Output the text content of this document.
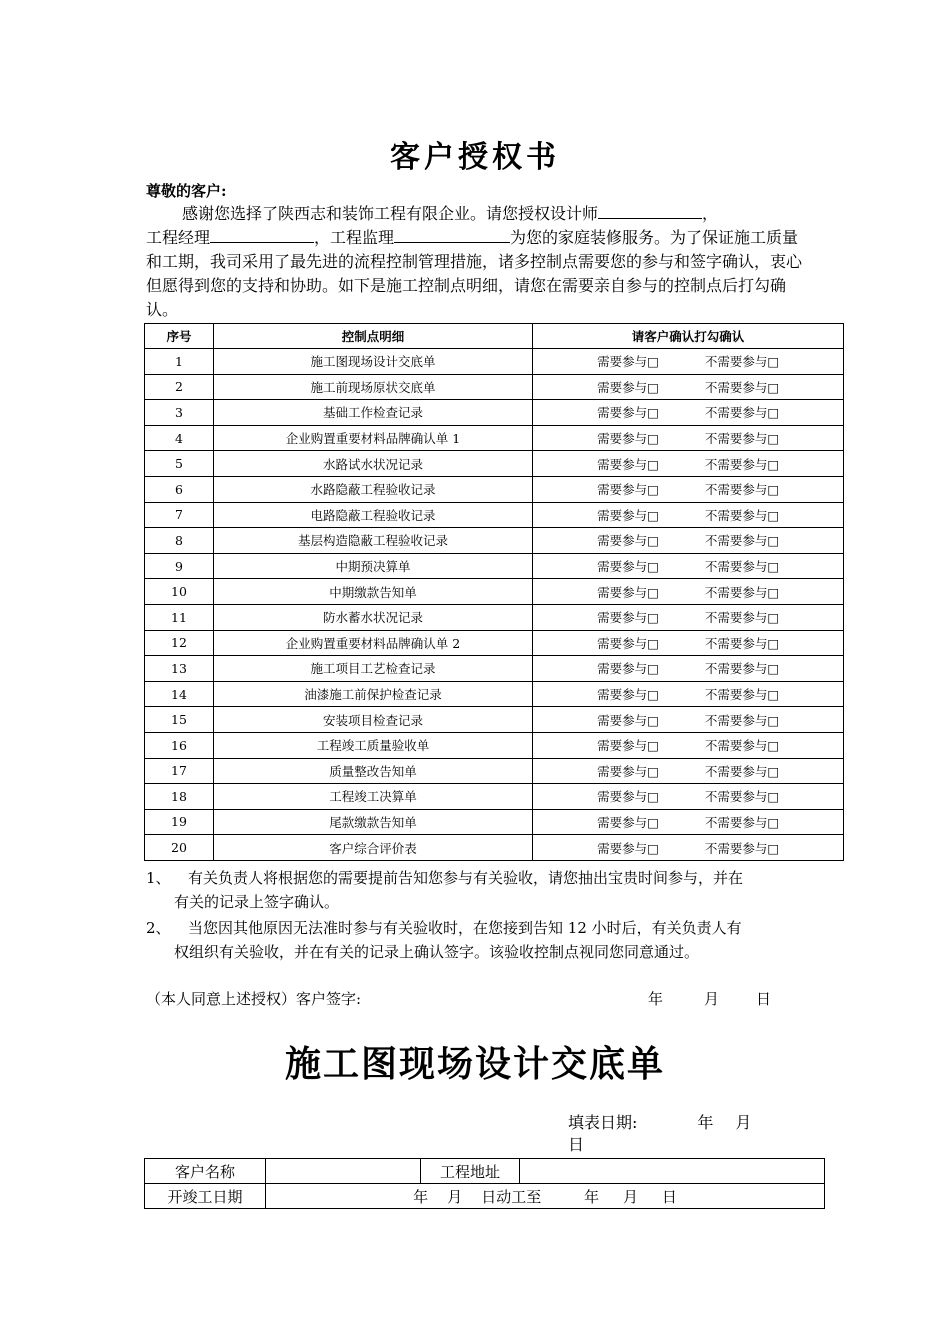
客户授权书
尊敬的客户:
感谢您选择了陕西志和装饰工程有限企业。请您授权设计师	，
工程经理	，工程监理	为您的家庭装修服务。为了保证施工质量和工期，我司采用了最先进的流程控制管理措施，诸多控制点需要您的参与和签字确认，衷心但愿得到您的支持和协助。如下是施工控制点明细，请您在需要亲自参与的控制点后打勾确认。
序号	控制点明细	请客户确认打勾确认
1	施工图现场设计交底单	需要参与□ 不需要参与□
2	施工前现场原状交底单	需要参与□ 不需要参与□
3	基础工作检查记录	需要参与□ 不需要参与□
4	企业购置重要材料品牌确认单 1	需要参与□ 不需要参与□
5	水路试水状况记录	需要参与□ 不需要参与□
6	水路隐蔽工程验收记录	需要参与□ 不需要参与□
7	电路隐蔽工程验收记录	需要参与□ 不需要参与□
8	基层构造隐蔽工程验收记录	需要参与□ 不需要参与□
9	中期预决算单	需要参与□ 不需要参与□
10	中期缴款告知单	需要参与□ 不需要参与□
11	防水蓄水状况记录	需要参与□ 不需要参与□
12	企业购置重要材料品牌确认单 2	需要参与□ 不需要参与□
13	施工项目工艺检查记录	需要参与□ 不需要参与□
14	油漆施工前保护检查记录	需要参与□ 不需要参与□
15	安装项目检查记录	需要参与□ 不需要参与□
16	工程竣工质量验收单	需要参与□ 不需要参与□
17	质量整改告知单	需要参与□ 不需要参与□
18	工程竣工决算单	需要参与□ 不需要参与□
19	尾款缴款告知单	需要参与□ 不需要参与□
20	客户综合评价表	需要参与□ 不需要参与□
1、	有关负责人将根据您的需要提前告知您参与有关验收，请您抽出宝贵时间参与，并在
有关的记录上签字确认。
2、	当您因其他原因无法准时参与有关验收时，在您接到告知 12 小时后，有关负责人有
权组织有关验收，并在有关的记录上确认签字。该验收控制点视同您同意通过。
（本人同意上述授权）客户签字:	年	月 日
施工图现场设计交底单
填表日期:	年 月
日
客户名称		工程地址	
开竣工日期	年    月    日动工至         年     月     日		
